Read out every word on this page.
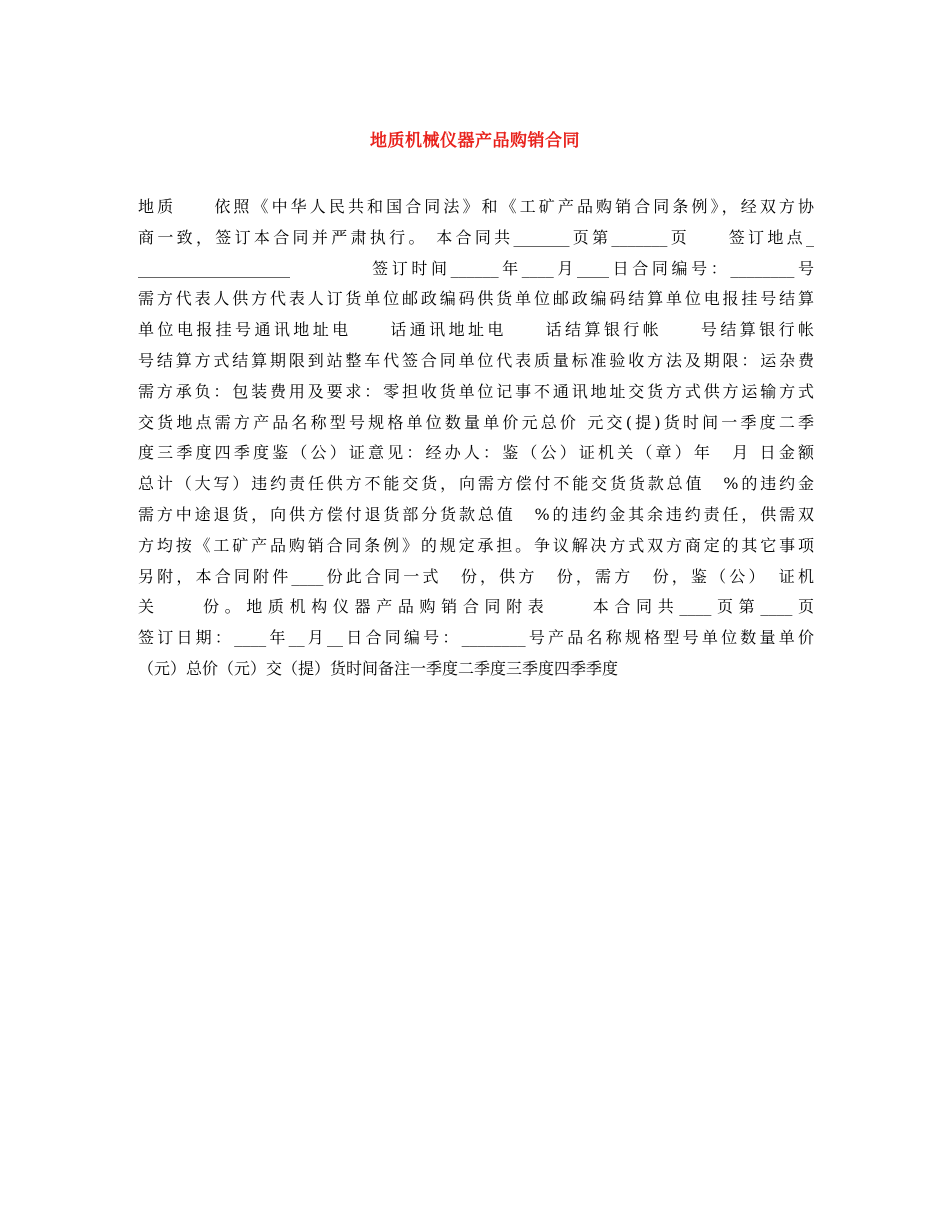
地质机械仪器产品购销合同
地质　　依照《中华人民共和国合同法》和《工矿产品购销合同条例》，经双方协
商一致，签订本合同并严肃执行。 本合同共_______页第_______页　　签订地点_
___________________　　　　签订时间______年____月____日合同编号：________号
需方代表人供方代表人订货单位邮政编码供货单位邮政编码结算单位电报挂号结算
单位电报挂号通讯地址电　　话通讯地址电　　话结算银行帐　　号结算银行帐
号结算方式结算期限到站整车代签合同单位代表质量标准验收方法及期限：运杂费
需方承负：包装费用及要求：零担收货单位记事不通讯地址交货方式供方运输方式
交货地点需方产品名称型号规格单位数量单价元总价 元交(提)货时间一季度二季
度三季度四季度鉴（公）证意见：经办人：鉴（公）证机关（章）年　月 日金额
总计（大写）违约责任供方不能交货，向需方偿付不能交货货款总值　%的违约金
需方中途退货，向供方偿付退货部分货款总值　%的违约金其余违约责任，供需双
方均按《工矿产品购销合同条例》的规定承担。争议解决方式双方商定的其它事项
另附，本合同附件____份此合同一式　份，供方　份，需方　份，鉴（公）　证机
关　　份。地质机构仪器产品购销合同附表　　本合同共____页第____页
签订日期：____年__月__日合同编号：________号产品名称规格型号单位数量单价
（元）总价（元）交（提）货时间备注一季度二季度三季度四季季度
